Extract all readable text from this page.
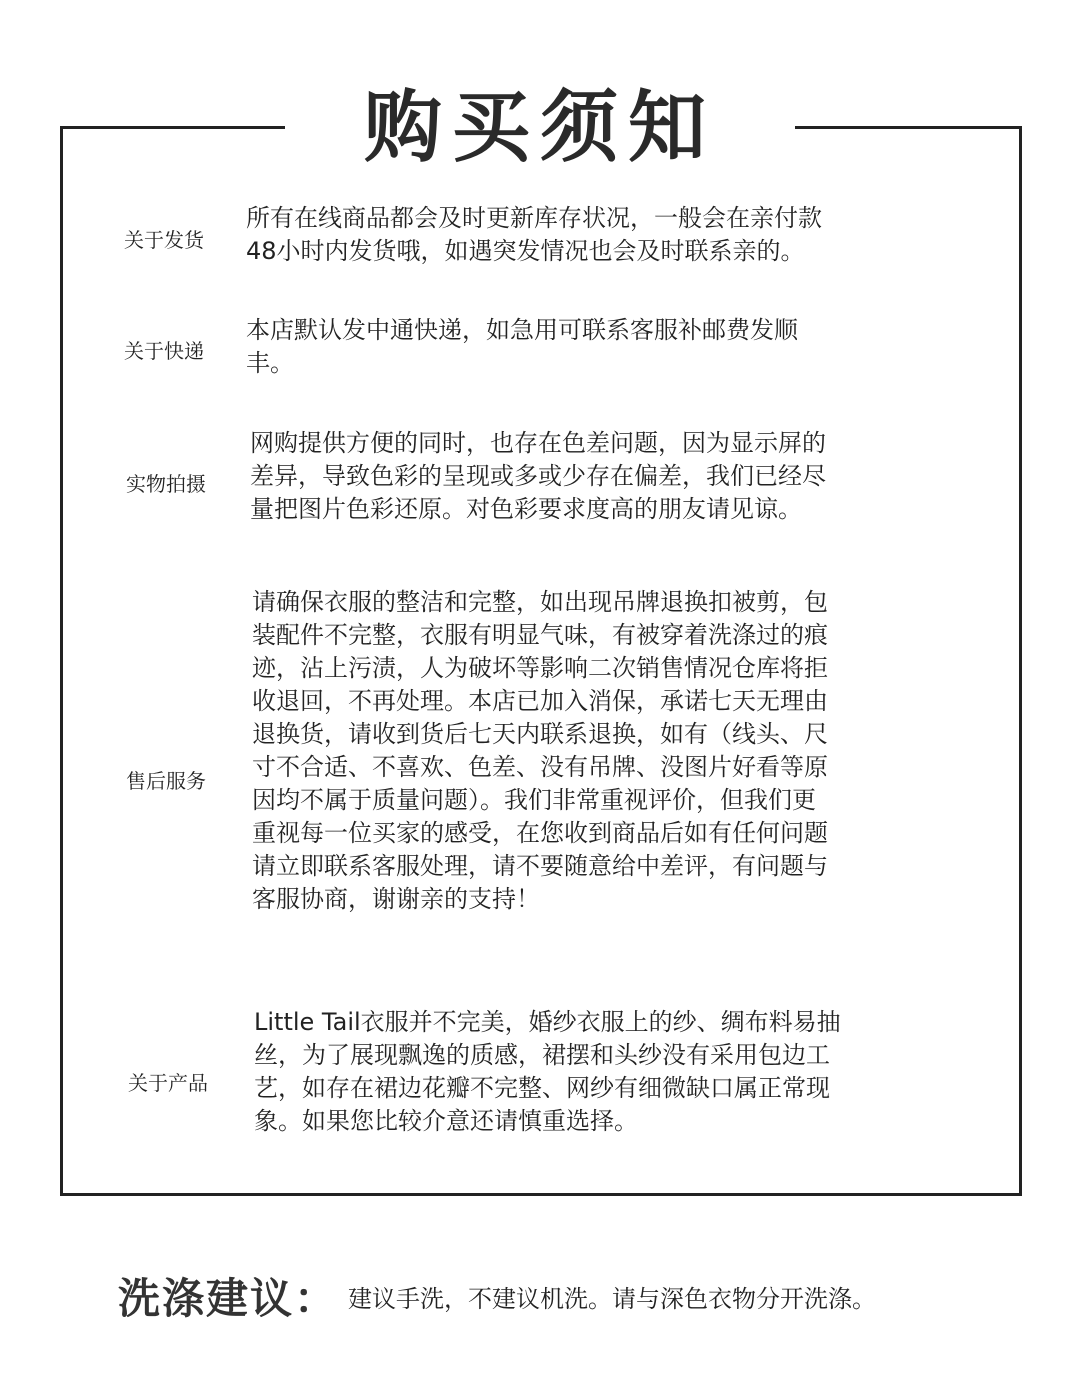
购买须知
关于发货

所有在线商品都会及时更新库存状况，一般会在亲付款
48小时内发货哦，如遇突发情况也会及时联系亲的。

关于快递

本店默认发中通快递，如急用可联系客服补邮费发顺
丰。

实物拍摄

网购提供方便的同时，也存在色差问题，因为显示屏的
差异，导致色彩的呈现或多或少存在偏差，我们已经尽
量把图片色彩还原。对色彩要求度高的朋友请见谅。

售后服务

请确保衣服的整洁和完整，如出现吊牌退换扣被剪，包
装配件不完整，衣服有明显气味，有被穿着洗涤过的痕
迹，沾上污渍，人为破坏等影响二次销售情况仓库将拒
收退回，不再处理。本店已加入消保，承诺七天无理由
退换货，请收到货后七天内联系退换，如有（线头、尺
寸不合适、不喜欢、色差、没有吊牌、没图片好看等原
因均不属于质量问题）。我们非常重视评价，但我们更
重视每一位买家的感受，在您收到商品后如有任何问题
请立即联系客服处理，请不要随意给中差评，有问题与
客服协商，谢谢亲的支持！

关于产品

Little Tail衣服并不完美，婚纱衣服上的纱、绸布料易抽
丝，为了展现飘逸的质感，裙摆和头纱没有采用包边工
艺，如存在裙边花瓣不完整、网纱有细微缺口属正常现
象。如果您比较介意还请慎重选择。

洗涤建议： 建议手洗，不建议机洗。请与深色衣物分开洗涤。
